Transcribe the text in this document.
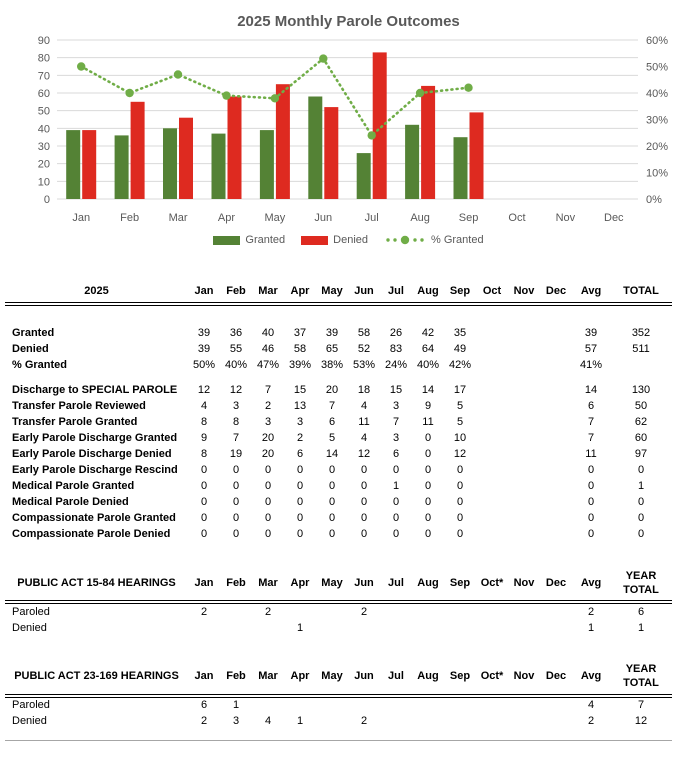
2025 Monthly Parole Outcomes
0
10
20
30
40
50
60
70
80
90
0%
10%
20%
30%
40%
50%
60%
Jan	Feb	Mar	Apr	May	Jun	Jul	Aug	Sep	Oct	Nov	Dec
Granted	Denied	% Granted
2025	Jan	Feb	Mar	Apr	May	Jun	Jul	Aug	Sep	Oct	Nov	Dec	Avg	TOTAL

Granted	39	36	40	37	39	58	26	42	35				39	352
Denied	39	55	46	58	65	52	83	64	49				57	511
% Granted	50%	40%	47%	39%	38%	53%	24%	40%	42%				41%	

Discharge to SPECIAL PAROLE	12	12	7	15	20	18	15	14	17				14	130
Transfer Parole Reviewed	4	3	2	13	7	4	3	9	5				6	50
Transfer Parole Granted	8	8	3	3	6	11	7	11	5				7	62
Early Parole Discharge Granted	9	7	20	2	5	4	3	0	10				7	60
Early Parole Discharge Denied	8	19	20	6	14	12	6	0	12				11	97
Early Parole Discharge Rescind	0	0	0	0	0	0	0	0	0				0	0
Medical Parole Granted	0	0	0	0	0	0	1	0	0				0	1
Medical Parole Denied	0	0	0	0	0	0	0	0	0				0	0
Compassionate Parole Granted	0	0	0	0	0	0	0	0	0				0	0
Compassionate Parole Denied	0	0	0	0	0	0	0	0	0				0	0
PUBLIC ACT 15-84 HEARINGS	Jan	Feb	Mar	Apr	May	Jun	Jul	Aug	Sep	Oct*	Nov	Dec	Avg	YEAR TOTAL
Paroled	2		2			2							2	6
Denied				1									1	1
PUBLIC ACT 23-169 HEARINGS	Jan	Feb	Mar	Apr	May	Jun	Jul	Aug	Sep	Oct*	Nov	Dec	Avg	YEAR TOTAL
Paroled	6	1											4	7
Denied	2	3	4	1		2							2	12
